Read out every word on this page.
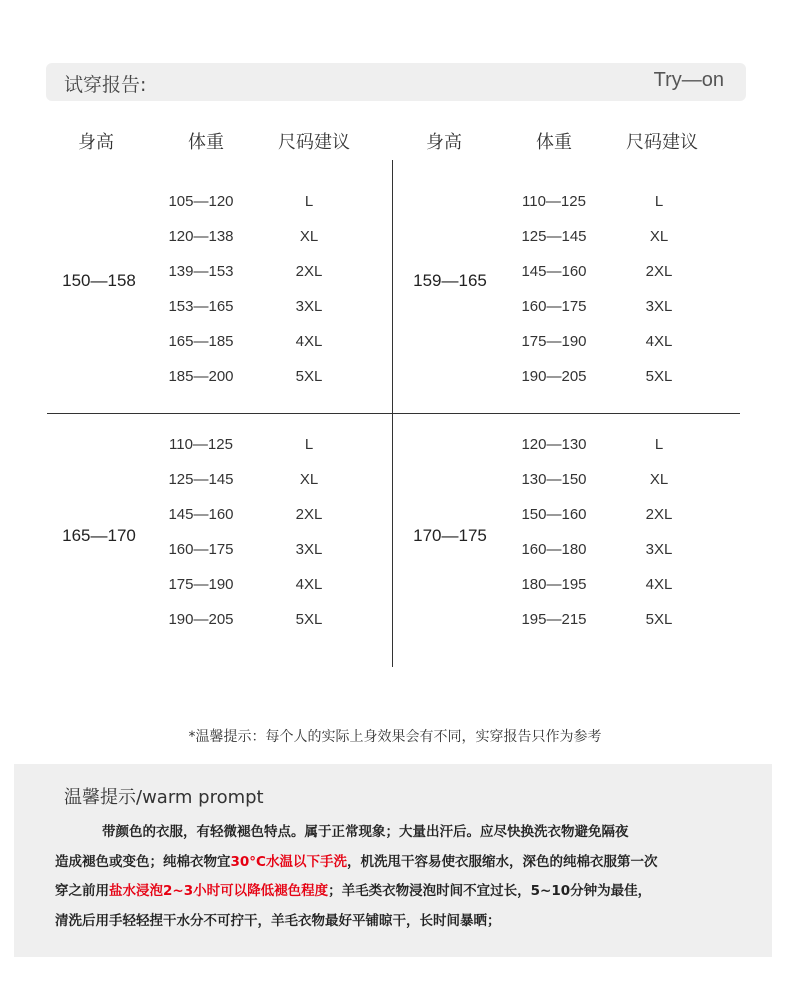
试穿报告:	Try—on
身高	体重	尺码建议	身高	体重	尺码建议
150—158
105—120	L
120—138	XL
139—153	2XL
153—165	3XL
165—185	4XL
185—200	5XL
159—165
110—125	L
125—145	XL
145—160	2XL
160—175	3XL
175—190	4XL
190—205	5XL
165—170
110—125	L
125—145	XL
145—160	2XL
160—175	3XL
175—190	4XL
190—205	5XL
170—175
120—130	L
130—150	XL
150—160	2XL
160—180	3XL
180—195	4XL
195—215	5XL
*温馨提示：每个人的实际上身效果会有不同，实穿报告只作为参考
温馨提示/warm prompt
带颜色的衣服，有轻微褪色特点。属于正常现象；大量出汗后。应尽快换洗衣物避免隔夜
造成褪色或变色；纯棉衣物宜30°C水温以下手洗，机洗甩干容易使衣服缩水，深色的纯棉衣服第一次
穿之前用盐水浸泡2~3小时可以降低褪色程度；羊毛类衣物浸泡时间不宜过长，5~10分钟为最佳，
清洗后用手轻轻捏干水分不可拧干，羊毛衣物最好平铺晾干，长时间暴晒；
